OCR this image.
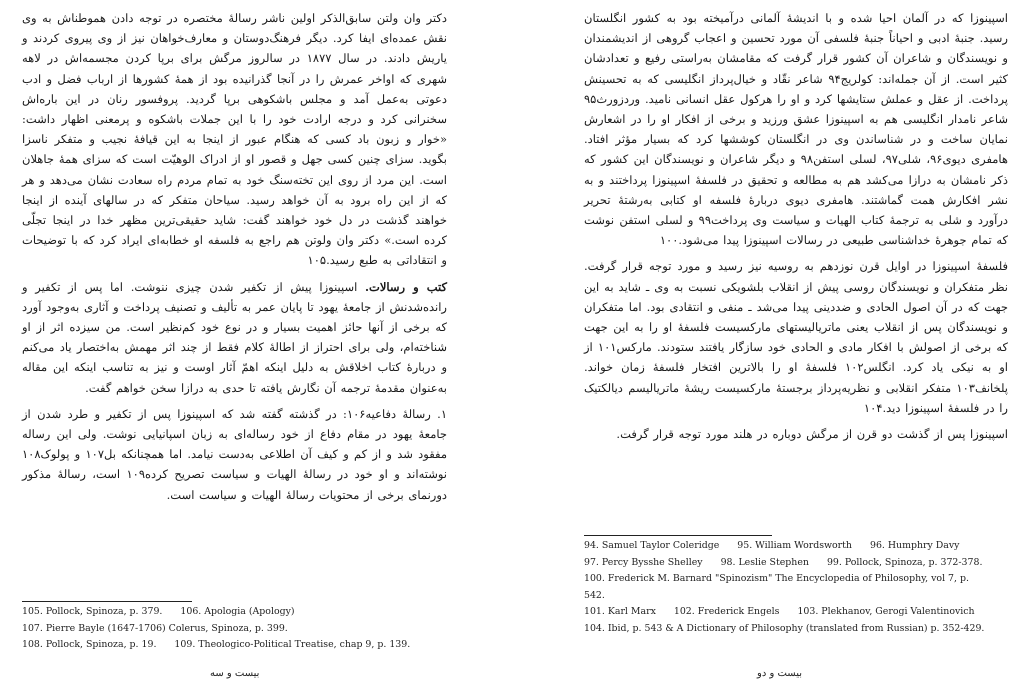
دکتر وان ولتن سابق‌الذکر اولین ناشر رسالهٔ مختصره در توجه دادن هموطناش به وی نقش عمده‌ای ایفا کرد. دیگر فرهنگ‌دوستان و معارف‌خواهان نیز از وی پیروی کردند و یاریش دادند. در سال ۱۸۷۷ در سالروز مرگش برای برپا کردن مجسمه‌اش در لاهه شهری که اواخر عمرش را در آنجا گذرانیده بود از همهٔ کشورها از ارباب فضل و ادب دعوتی به‌عمل آمد و مجلس باشکوهی برپا گردید. پروفسور رنان در این باره‌اش سخنرانی کرد و درجه ارادت خود را با این جملات باشکوه و پرمعنی اظهار داشت: «خوار و زبون باد کسی که هنگام عبور از اینجا به این قیافهٔ نجیب و متفکر ناسزا بگوید. سزای چنین کسی جهل و قصور او از ادراک الوهیّت است که سزای همهٔ جاهلان است. این مرد از روی این تخته‌سنگ خود به تمام مردم راه سعادت نشان می‌دهد و هر که از این راه برود به آن خواهد رسید. سیاحان متفکر که در سالهای آینده از اینجا خواهند گذشت در دل خود خواهند گفت: شاید حقیقی‌ترین مظهر خدا در اینجا تجلّی کرده است.» دکتر وان ولوتن هم راجع به فلسفه او خطابه‌ای ایراد کرد که با توضیحات و انتقاداتی به طبع رسید.۱۰۵

کتب و رسالات. اسپینوزا پیش از تکفیر شدن چیزی ننوشت. اما پس از تکفیر و رانده‌شدنش از جامعهٔ یهود تا پایان عمر به تألیف و تصنیف پرداخت و آثاری به‌وجود آورد که برخی از آنها حائز اهمیت بسیار و در نوع خود کم‌نظیر است. من سیزده اثر از او شناخته‌ام، ولی برای احتراز از اطالهٔ کلام فقط از چند اثر مهمش به‌اختصار یاد می‌کنم و دربارهٔ کتاب اخلاقش به دلیل اینکه اهمّ آثار اوست و نیز به تناسب اینکه این مقاله به‌عنوان مقدمهٔ ترجمه آن نگارش یافته تا حدی به درازا سخن خواهم گفت.

۱. رسالهٔ دفاعیه۱۰۶: در گذشته گفته شد که اسپینوزا پس از تکفیر و طرد شدن از جامعهٔ یهود در مقام دفاع از خود رساله‌ای به زبان اسپانیایی نوشت. ولی این رساله مفقود شد و از کم و کیف آن اطلاعی به‌دست نیامد. اما همچنانکه بل۱۰۷ و پولوک۱۰۸ نوشته‌اند و او خود در رسالهٔ الهیات و سیاست تصریح کرده۱۰۹ است، رسالهٔ مذکور دورنمای برخی از محتویات رسالهٔ الهیات و سیاست است.

105. Pollock, Spinoza, p. 379. 106. Apologia (Apology)
107. Pierre Bayle (1647-1706) Colerus, Spinoza, p. 399.
108. Pollock, Spinoza, p. 19. 109. Theologico-Political Treatise, chap 9, p. 139.
بیست و سه

اسپینوزا که در آلمان احیا شده و با اندیشهٔ آلمانی درآمیخته بود به کشور انگلستان رسید. جنبهٔ ادبی و احیاناً جنبهٔ فلسفی آن مورد تحسین و اعجاب گروهی از اندیشمندان و نویسندگان و شاعران آن کشور قرار گرفت که مقامشان به‌راستی رفیع و تعدادشان کثیر است. از آن جمله‌اند: کولریج۹۴ شاعر نقّاد و خیال‌پرداز انگلیسی که به تحسینش پرداخت. از عقل و عملش ستایشها کرد و او را هرکول عقل انسانی نامید. وردزورث۹۵ شاعر نامدار انگلیسی هم به اسپینوزا عشق ورزید و برخی از افکار او را در اشعارش نمایان ساخت و در شناساندن وی در انگلستان کوششها کرد که بسیار مؤثر افتاد. هامفری دیوی۹۶، شلی۹۷، لسلی استفن۹۸ و دیگر شاعران و نویسندگان این کشور که ذکر نامشان به درازا می‌کشد هم به مطالعه و تحقیق در فلسفهٔ اسپینوزا پرداختند و به نشر افکارش همت گماشتند. هامفری دیوی دربارهٔ فلسفه او کتابی به‌رشتهٔ تحریر درآورد و شلی به ترجمهٔ کتاب الهیات و سیاست وی پرداخت۹۹ و لسلی استفن نوشت که تمام جوهرهٔ خداشناسی طبیعی در رسالات اسپینوزا پیدا می‌شود.۱۰۰

فلسفهٔ اسپینوزا در اوایل قرن نوزدهم به روسیه نیز رسید و مورد توجه قرار گرفت. نظر متفکران و نویسندگان روسی پیش از انقلاب بلشویکی نسبت به وی ـ شاید به این جهت که در آن اصول الحادی و ضددینی پیدا می‌شد ـ منفی و انتقادی بود. اما متفکران و نویسندگان پس از انقلاب یعنی ماتریالیستهای مارکسیست فلسفهٔ او را به این جهت که برخی از اصولش با افکار مادی و الحادی خود سازگار یافتند ستودند. مارکس۱۰۱ از او به نیکی یاد کرد. انگلس۱۰۲ فلسفهٔ او را بالاترین افتخار فلسفهٔ زمان خواند. پلخانف۱۰۳ متفکر انقلابی و نظریه‌پرداز برجستهٔ مارکسیست ریشهٔ ماتریالیسم دیالکتیک را در فلسفهٔ اسپینوزا دید.۱۰۴

اسپینوزا پس از گذشت دو قرن از مرگش دوباره در هلند مورد توجه قرار گرفت.

94. Samuel Taylor Coleridge 95. William Wordsworth 96. Humphry Davy
97. Percy Bysshe Shelley 98. Leslie Stephen 99. Pollock, Spinoza, p. 372-378.
100. Frederick M. Barnard "Spinozism" The Encyclopedia of Philosophy, vol 7, p.
542.
101. Karl Marx 102. Frederick Engels 103. Plekhanov, Gerogi Valentinovich
104. Ibid, p. 543 & A Dictionary of Philosophy (translated from Russian) p. 352-429.
بیست و دو
